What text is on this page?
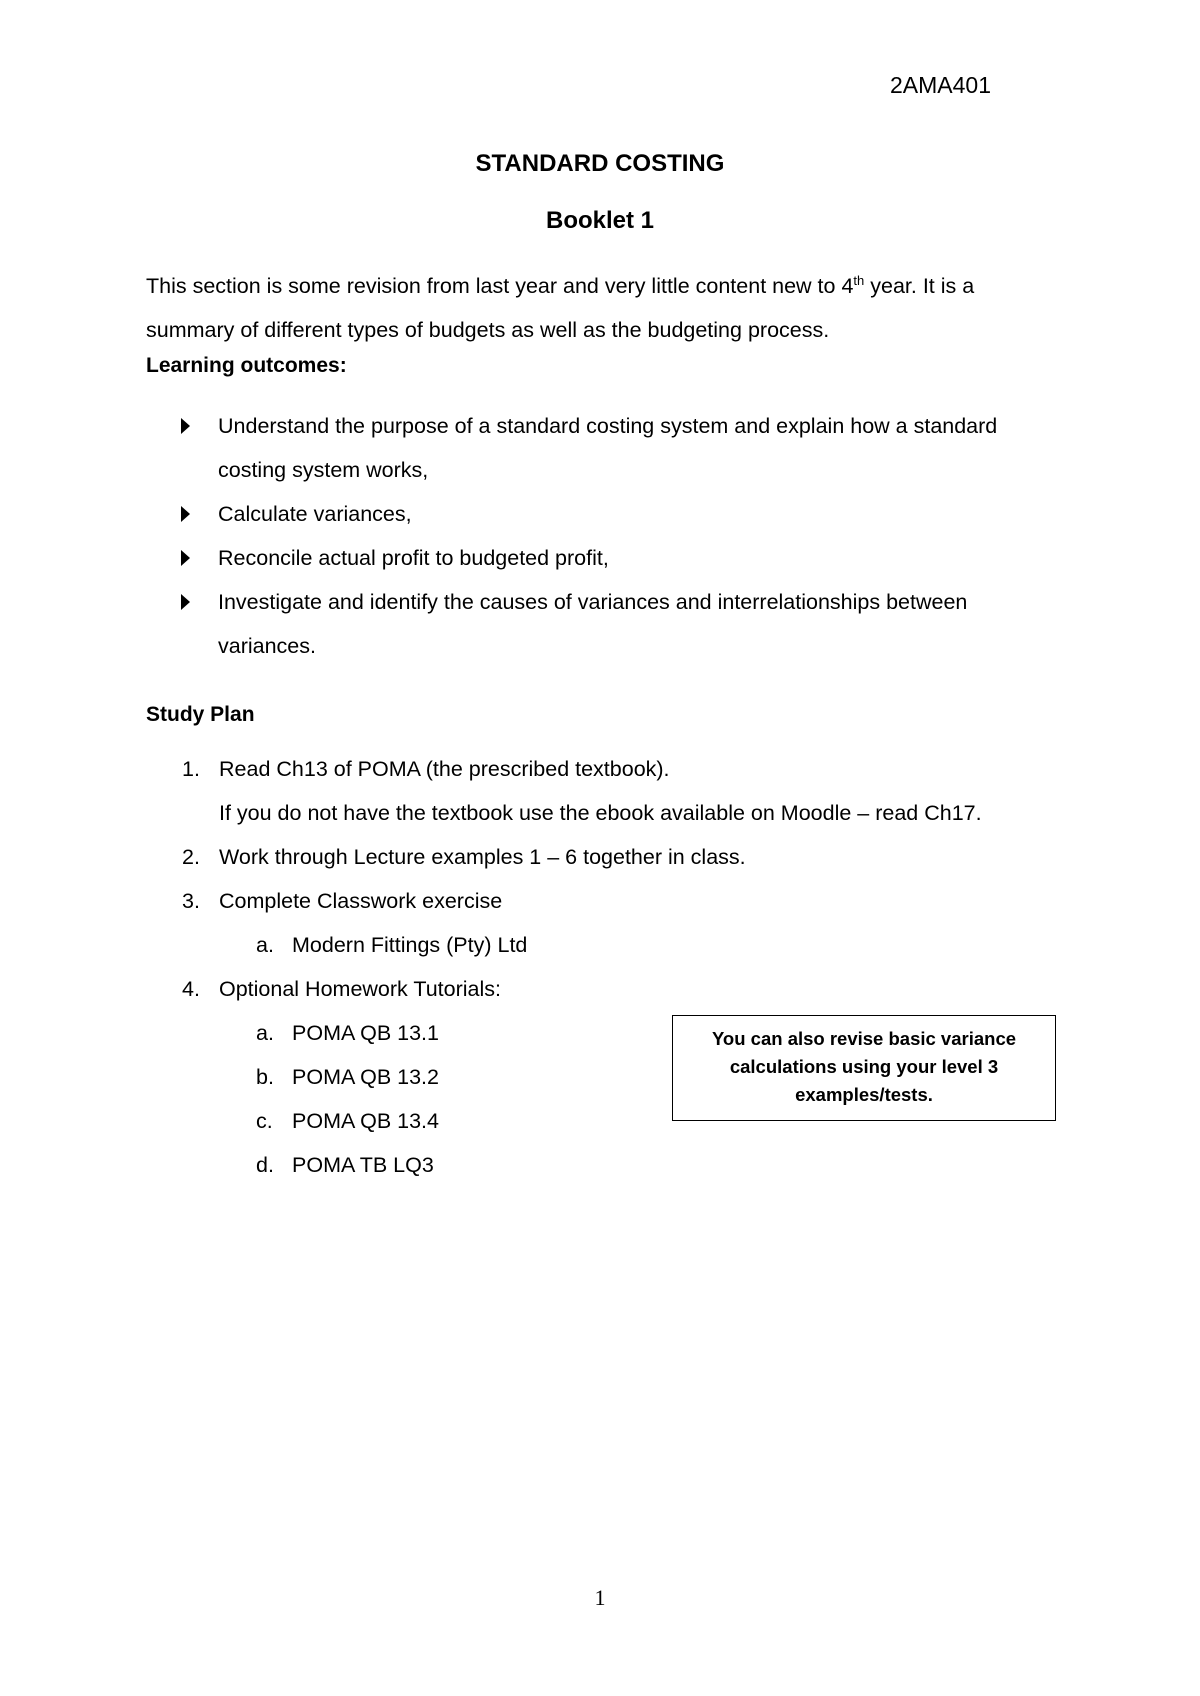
2AMA401
STANDARD COSTING
Booklet 1
This section is some revision from last year and very little content new to 4th year. It is a summary of different types of budgets as well as the budgeting process.
Learning outcomes:
Understand the purpose of a standard costing system and explain how a standard costing system works,
Calculate variances,
Reconcile actual profit to budgeted profit,
Investigate and identify the causes of variances and interrelationships between variances.
Study Plan
1. Read Ch13 of POMA (the prescribed textbook).
If you do not have the textbook use the ebook available on Moodle – read Ch17.
2. Work through Lecture examples 1 – 6 together in class.
3. Complete Classwork exercise
a. Modern Fittings (Pty) Ltd
4. Optional Homework Tutorials:
a. POMA QB 13.1
b. POMA QB 13.2
c. POMA QB 13.4
d. POMA TB LQ3
You can also revise basic variance calculations using your level 3 examples/tests.
1
